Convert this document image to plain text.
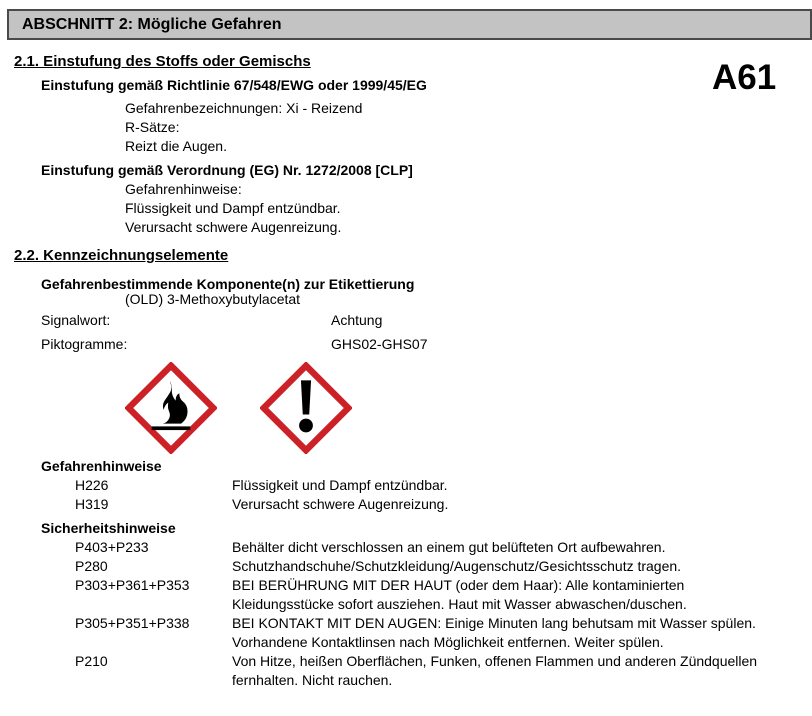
ABSCHNITT 2: Mögliche Gefahren
A61
2.1. Einstufung des Stoffs oder Gemischs
Einstufung gemäß Richtlinie 67/548/EWG oder 1999/45/EG
Gefahrenbezeichnungen: Xi - Reizend
R-Sätze:
Reizt die Augen.
Einstufung gemäß Verordnung (EG) Nr. 1272/2008 [CLP]
Gefahrenhinweise:
Flüssigkeit und Dampf entzündbar.
Verursacht schwere Augenreizung.
2.2. Kennzeichnungselemente
Gefahrenbestimmende Komponente(n) zur Etikettierung
(OLD) 3-Methoxybutylacetat
Signalwort:	Achtung
Piktogramme:	GHS02-GHS07
Gefahrenhinweise
H226	Flüssigkeit und Dampf entzündbar.
H319	Verursacht schwere Augenreizung.
Sicherheitshinweise
P403+P233	Behälter dicht verschlossen an einem gut belüfteten Ort aufbewahren.
P280	Schutzhandschuhe/Schutzkleidung/Augenschutz/Gesichtsschutz tragen.
P303+P361+P353	BEI BERÜHRUNG MIT DER HAUT (oder dem Haar): Alle kontaminierten
Kleidungsstücke sofort ausziehen. Haut mit Wasser abwaschen/duschen.
P305+P351+P338	BEI KONTAKT MIT DEN AUGEN: Einige Minuten lang behutsam mit Wasser spülen.
Vorhandene Kontaktlinsen nach Möglichkeit entfernen. Weiter spülen.
P210	Von Hitze, heißen Oberflächen, Funken, offenen Flammen und anderen Zündquellen
fernhalten. Nicht rauchen.
